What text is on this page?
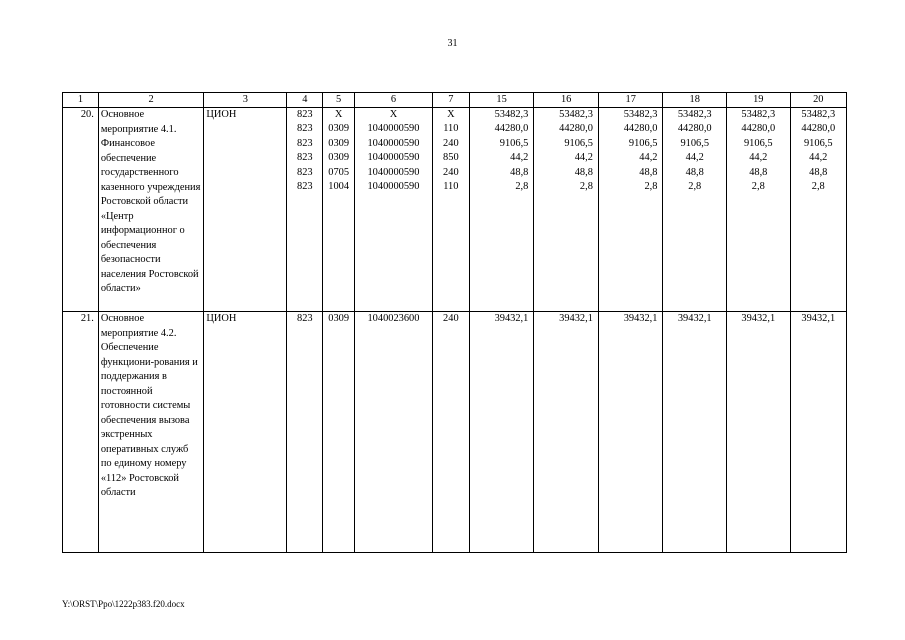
31
1	2	3	4	5	6	7	15	16	17	18	19	20
20.	Основное мероприятие 4.1. Финансовое обеспечение государственного казенного учреждения Ростовской области «Центр информационног о обеспечения безопасности населения Ростовской области»	ЦИОН	823	Х	Х	Х	53482,3	53482,3	53482,3	53482,3	53482,3	53482,3
			823	0309	1040000590	110	44280,0	44280,0	44280,0	44280,0	44280,0	44280,0
			823	0309	1040000590	240	9106,5	9106,5	9106,5	9106,5	9106,5	9106,5
			823	0309	1040000590	850	44,2	44,2	44,2	44,2	44,2	44,2
			823	0705	1040000590	240	48,8	48,8	48,8	48,8	48,8	48,8
			823	1004	1040000590	110	2,8	2,8	2,8	2,8	2,8	2,8
21.	Основное мероприятие 4.2. Обеспечение функциони-рования и поддержания в постоянной готовности системы обеспечения вызова экстренных оперативных служб по единому номеру «112» Ростовской области	ЦИОН	823	0309	1040023600	240	39432,1	39432,1	39432,1	39432,1	39432,1	39432,1
Y:\ORST\Ppo\1222p383.f20.docx
